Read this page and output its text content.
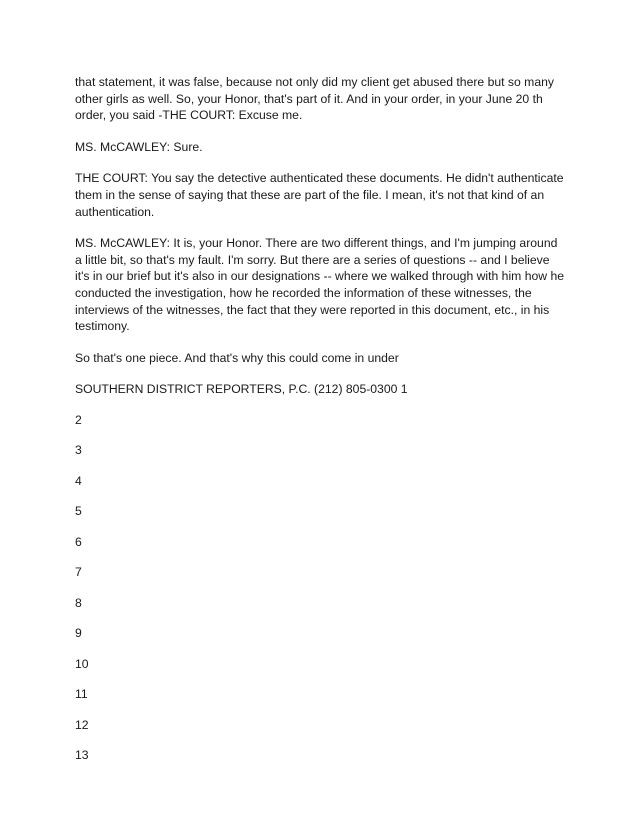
that statement, it was false, because not only did my client get abused there but so many other girls as well. So, your Honor, that's part of it. And in your order, in your June 20 th order, you said -THE COURT: Excuse me.

MS. McCAWLEY: Sure.

THE COURT: You say the detective authenticated these documents. He didn't authenticate them in the sense of saying that these are part of the file. I mean, it's not that kind of an authentication.

MS. McCAWLEY: It is, your Honor. There are two different things, and I'm jumping around a little bit, so that's my fault. I'm sorry. But there are a series of questions -- and I believe it's in our brief but it's also in our designations -- where we walked through with him how he conducted the investigation, how he recorded the information of these witnesses, the interviews of the witnesses, the fact that they were reported in this document, etc., in his testimony.

So that's one piece. And that's why this could come in under

SOUTHERN DISTRICT REPORTERS, P.C. (212) 805-0300 1

2

3

4

5

6

7

8

9

10

11

12

13
